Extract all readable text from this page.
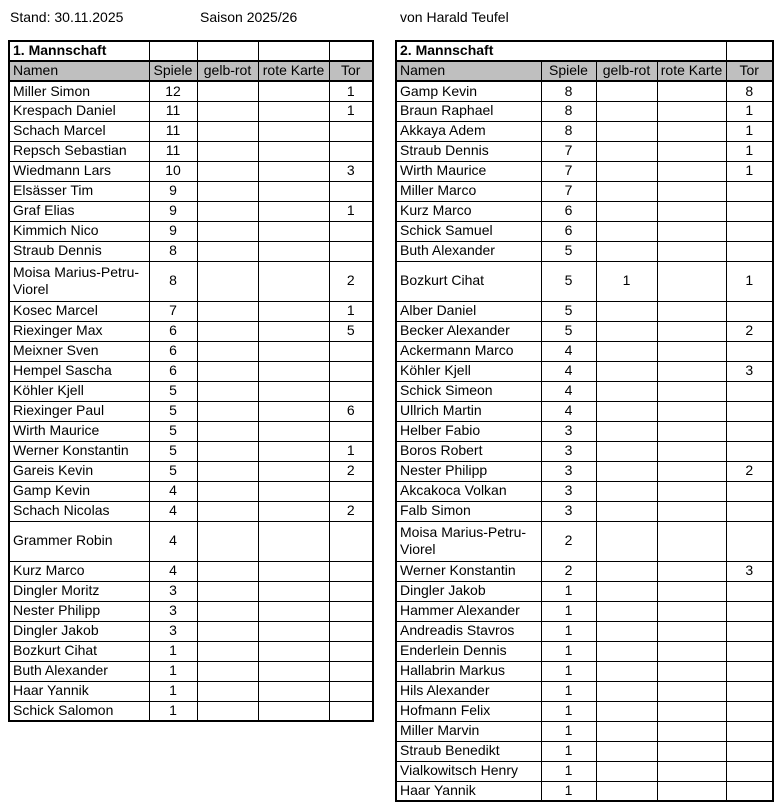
Stand: 30.11.2025	Saison 2025/26	von Harald Teufel
1. Mannschaft				
Namen	Spiele	gelb-rot	rote Karte	Tor
Miller Simon	12			1
Krespach Daniel	11			1
Schach Marcel	11			
Repsch Sebastian	11			
Wiedmann Lars	10			3
Elsässer Tim	9			
Graf Elias	9			1
Kimmich Nico	9			
Straub Dennis	8			
Moisa Marius-Petru-Viorel	8			2
Kosec Marcel	7			1
Riexinger Max	6			5
Meixner Sven	6			
Hempel Sascha	6			
Köhler Kjell	5			
Riexinger Paul	5			6
Wirth Maurice	5			
Werner Konstantin	5			1
Gareis Kevin	5			2
Gamp Kevin	4			
Schach Nicolas	4			2
Grammer Robin	4			
Kurz Marco	4			
Dingler Moritz	3			
Nester Philipp	3			
Dingler Jakob	3			
Bozkurt Cihat	1			
Buth Alexander	1			
Haar Yannik	1			
Schick Salomon	1			
2. Mannschaft				
Namen	Spiele	gelb-rot	rote Karte	Tor
Gamp Kevin	8			8
Braun Raphael	8			1
Akkaya Adem	8			1
Straub Dennis	7			1
Wirth Maurice	7			1
Miller Marco	7			
Kurz Marco	6			
Schick Samuel	6			
Buth Alexander	5			
Bozkurt Cihat	5	1		1
Alber Daniel	5			
Becker Alexander	5			2
Ackermann Marco	4			
Köhler Kjell	4			3
Schick Simeon	4			
Ullrich Martin	4			
Helber Fabio	3			
Boros Robert	3			
Nester Philipp	3			2
Akcakoca Volkan	3			
Falb Simon	3			
Moisa Marius-Petru-Viorel	2			
Werner Konstantin	2			3
Dingler Jakob	1			
Hammer Alexander	1			
Andreadis Stavros	1			
Enderlein Dennis	1			
Hallabrin Markus	1			
Hils Alexander	1			
Hofmann Felix	1			
Miller Marvin	1			
Straub Benedikt	1			
Vialkowitsch Henry	1			
Haar Yannik	1			
